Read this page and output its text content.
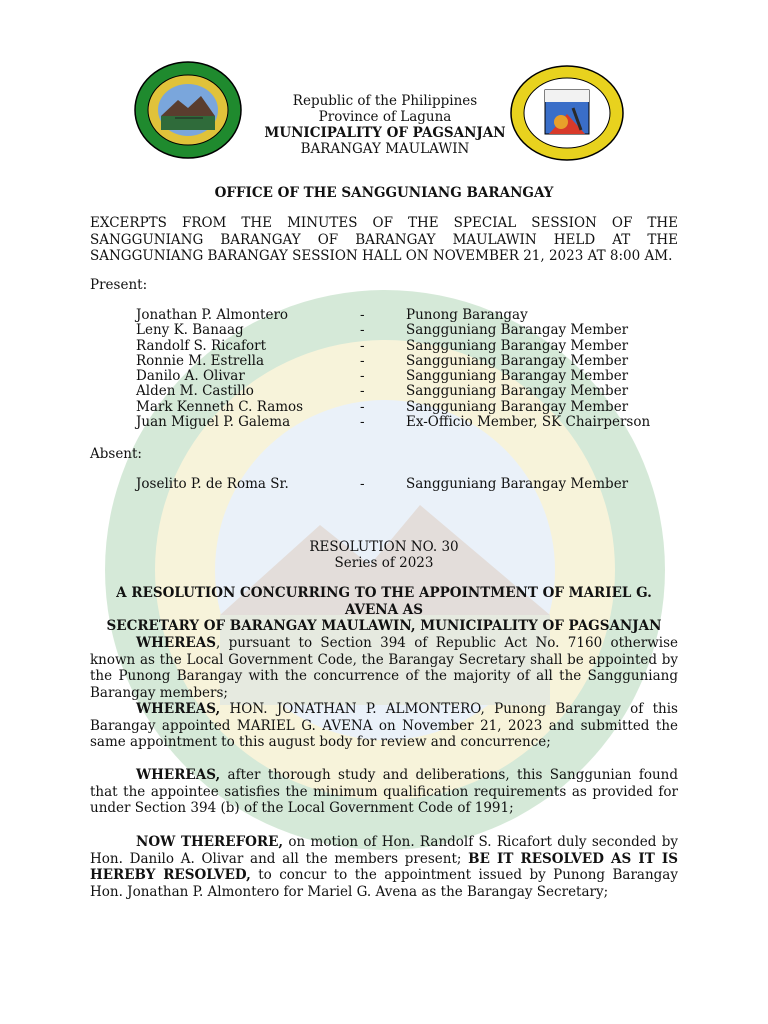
Republic of the Philippines
Province of Laguna
MUNICIPALITY OF PAGSANJAN
BARANGAY MAULAWIN
OFFICE OF THE SANGGUNIANG BARANGAY
EXCERPTS FROM THE MINUTES OF THE SPECIAL SESSION OF THE SANGGUNIANG BARANGAY OF BARANGAY MAULAWIN HELD AT THE SANGGUNIANG BARANGAY SESSION HALL ON NOVEMBER 21, 2023 AT 8:00 AM.
Present:
Jonathan P. Almontero	-	Punong Barangay
Leny K. Banaag	-	Sangguniang Barangay Member
Randolf S. Ricafort	-	Sangguniang Barangay Member
Ronnie M. Estrella	-	Sangguniang Barangay Member
Danilo A. Olivar	-	Sangguniang Barangay Member
Alden M. Castillo	-	Sangguniang Barangay Member
Mark Kenneth C. Ramos	-	Sangguniang Barangay Member
Juan Miguel P. Galema	-	Ex-Officio Member, SK Chairperson
Absent:
Joselito P. de Roma Sr.	-	Sangguniang Barangay Member
RESOLUTION NO. 30
Series of 2023
A RESOLUTION CONCURRING TO THE APPOINTMENT OF MARIEL G. AVENA AS
SECRETARY OF BARANGAY MAULAWIN, MUNICIPALITY OF PAGSANJAN
WHEREAS, pursuant to Section 394 of Republic Act No. 7160 otherwise known as the Local Government Code, the Barangay Secretary shall be appointed by the Punong Barangay with the concurrence of the majority of all the Sangguniang Barangay members;
WHEREAS, HON. JONATHAN P. ALMONTERO, Punong Barangay of this Barangay appointed MARIEL G. AVENA on November 21, 2023 and submitted the same appointment to this august body for review and concurrence;
WHEREAS, after thorough study and deliberations, this Sanggunian found that the appointee satisfies the minimum qualification requirements as provided for under Section 394 (b) of the Local Government Code of 1991;
NOW THEREFORE, on motion of Hon. Randolf S. Ricafort duly seconded by Hon. Danilo A. Olivar and all the members present; BE IT RESOLVED AS IT IS HEREBY RESOLVED, to concur to the appointment issued by Punong Barangay Hon. Jonathan P. Almontero for Mariel G. Avena as the Barangay Secretary;
